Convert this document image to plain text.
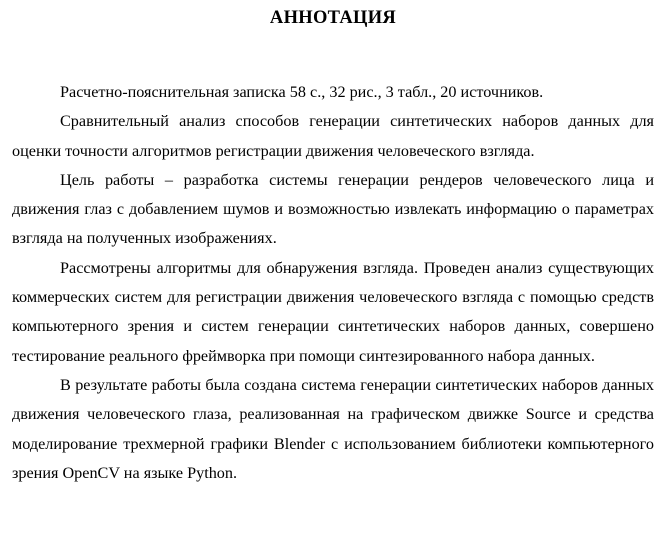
АННОТАЦИЯ

Расчетно-пояснительная записка 58 с., 32 рис., 3 табл., 20 источников.

Сравнительный анализ способов генерации синтетических наборов данных для оценки точности алгоритмов регистрации движения человеческого взгляда.

Цель работы – разработка системы генерации рендеров человеческого лица и движения глаз с добавлением шумов и возможностью извлекать информацию о параметрах взгляда на полученных изображениях.

Рассмотрены алгоритмы для обнаружения взгляда. Проведен анализ существующих коммерческих систем для регистрации движения человеческого взгляда с помощью средств компьютерного зрения и систем генерации синтетических наборов данных, совершено тестирование реального фреймворка при помощи синтезированного набора данных.

В результате работы была создана система генерации синтетических наборов данных движения человеческого глаза, реализованная на графическом движке Source и средства моделирование трехмерной графики Blender с использованием библиотеки компьютерного зрения OpenCV на языке Python.
